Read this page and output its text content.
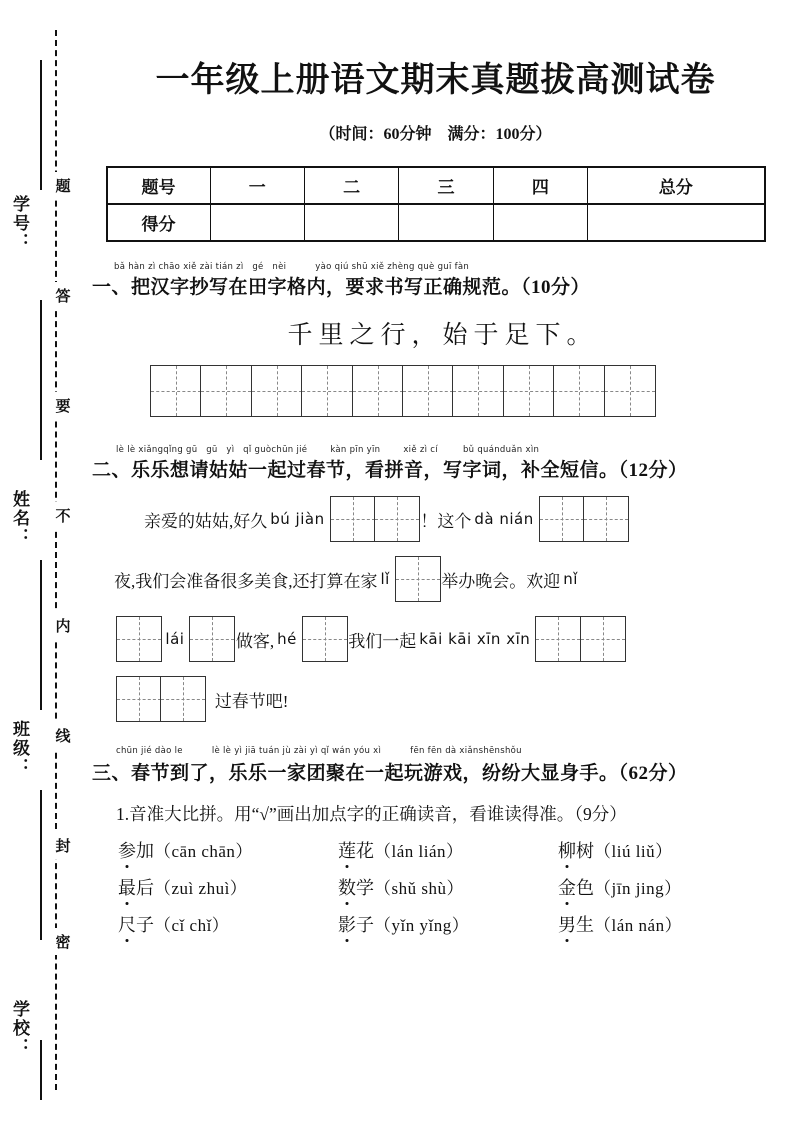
学号：
姓名：
班级：
学校：
题
答
要
不
内
线
封
密
一年级上册语文期末真题拔高测试卷
（时间：60分钟　满分：100分）
题号	一	二	三	四	总分
得分					
bǎ hàn zì chāo xiě zài tián zì　gé　nèi	yào qiú shū xiě zhèng què guī fàn
一、把汉字抄写在田字格内，要求书写正确规范。（10分）
千里之行，始于足下。
lè lè xiǎngqǐng gū　gū　yì　qǐ guòchūn jié	kàn pīn yīn	xiě zì cí	bǔ quánduǎn xìn
二、乐乐想请姑姑一起过春节，看拼音，写字词，补全短信。（12分）
亲爱的姑姑,好久 bú jiàn	！这个 dà nián
夜,我们会准备很多美食,还打算在家 lǐ	举办晚会。欢迎 nǐ
lái	做客, hé	我们一起 kāi kāi xīn xīn
过春节吧!
chūn jié dào le	lè lè yì jiā tuán jù zài yì qǐ wán yóu xì	fēn fēn dà xiǎnshēnshǒu
三、春节到了，乐乐一家团聚在一起玩游戏，纷纷大显身手。（62分）
1.音准大比拼。用“√”画出加点字的正确读音，看谁读得准。（9分）
参加（cān chān）	莲花（lán lián）	柳树（liú liǔ）
最后（zuì zhuì）	数学（shǔ shù）	金色（jīn jing）
尺子（cǐ chǐ）	影子（yǐn yǐng）	男生（lán nán）
